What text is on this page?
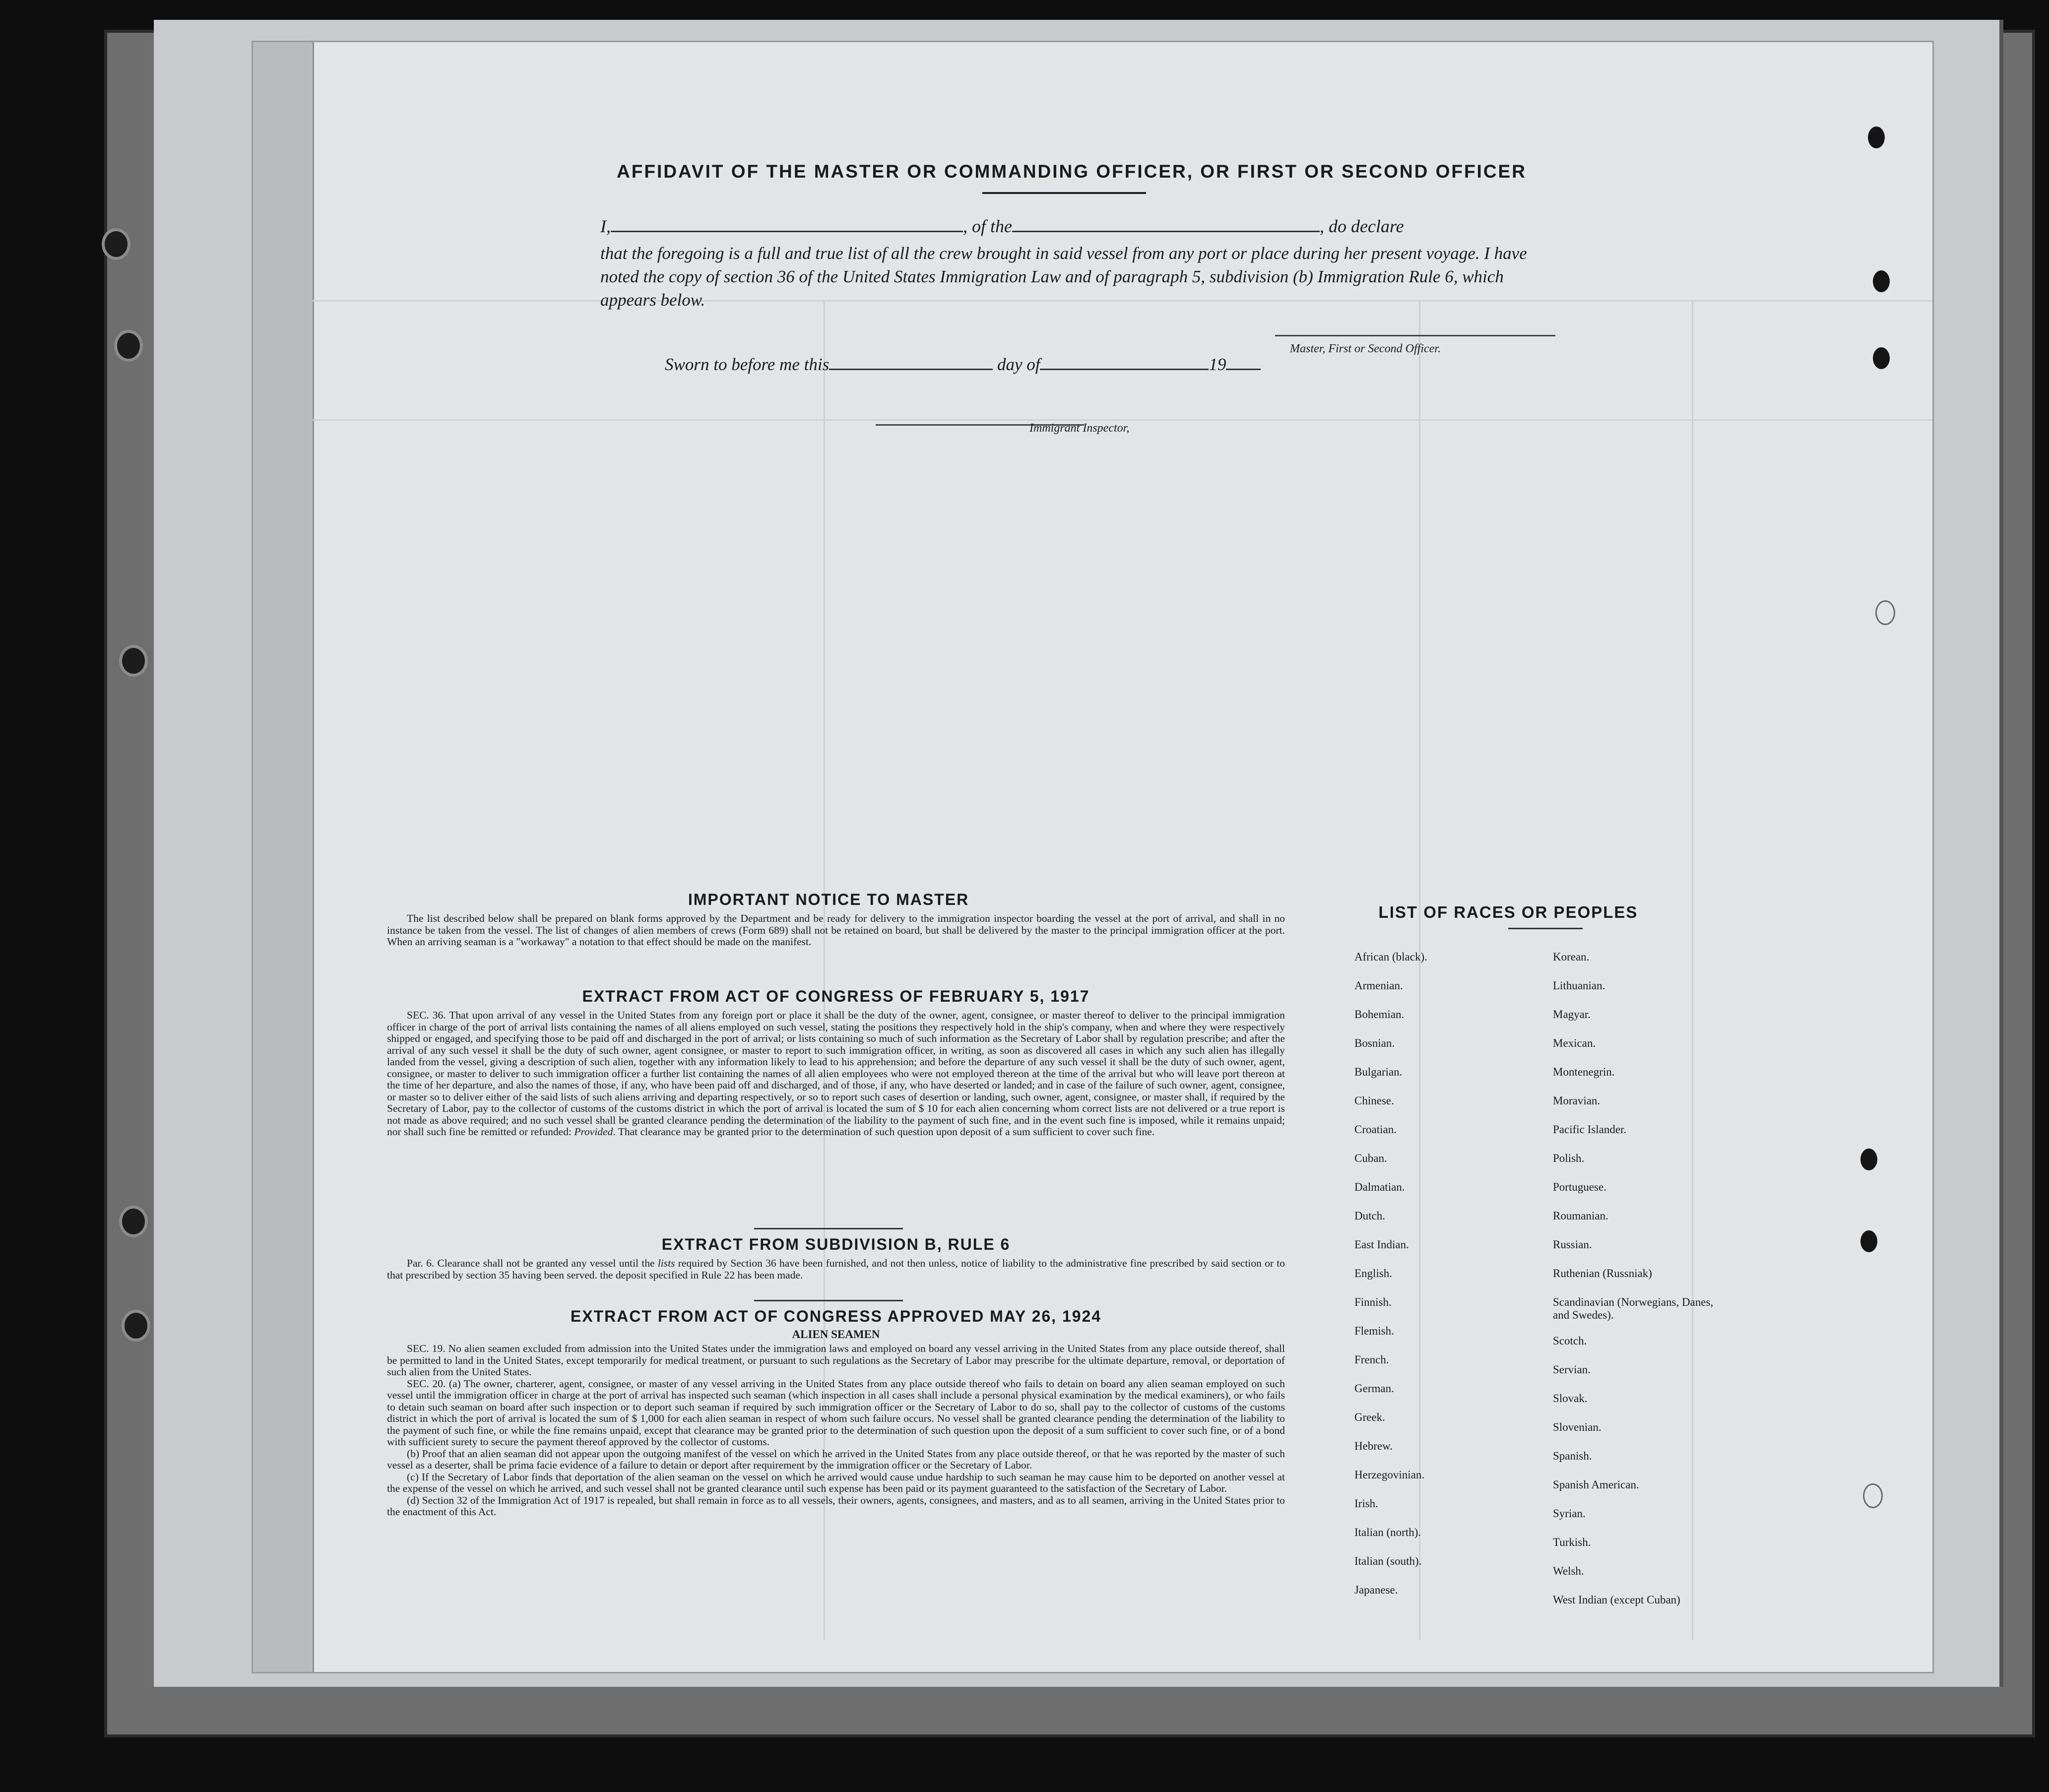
AFFIDAVIT OF THE MASTER OR COMMANDING OFFICER, OR FIRST OR SECOND OFFICER
I,	, of the	, do declare
that the foregoing is a full and true list of all the crew brought in said vessel from any port or place during her present voyage. I have noted the copy of section 36 of the United States Immigration Law and of paragraph 5, subdivision (b) Immigration Rule 6, which appears below.
Master, First or Second Officer.
Sworn to before me this	day of	19
Immigrant Inspector,
IMPORTANT NOTICE TO MASTER
The list described below shall be prepared on blank forms approved by the Department and be ready for delivery to the immigration inspector boarding the vessel at the port of arrival, and shall in no instance be taken from the vessel. The list of changes of alien members of crews (Form 689) shall not be retained on board, but shall be delivered by the master to the principal immigration officer at the port. When an arriving seaman is a "workaway" a notation to that effect should be made on the manifest.
EXTRACT FROM ACT OF CONGRESS OF FEBRUARY 5, 1917
SEC. 36. That upon arrival of any vessel in the United States from any foreign port or place it shall be the duty of the owner, agent, consignee, or master thereof to deliver to the principal immigration officer in charge of the port of arrival lists containing the names of all aliens employed on such vessel, stating the positions they respectively hold in the ship's company, when and where they were respectively shipped or engaged, and specifying those to be paid off and discharged in the port of arrival; or lists containing so much of such information as the Secretary of Labor shall by regulation prescribe; and after the arrival of any such vessel it shall be the duty of such owner, agent consignee, or master to report to such immigration officer, in writing, as soon as discovered all cases in which any such alien has illegally landed from the vessel, giving a description of such alien, together with any information likely to lead to his apprehension; and before the departure of any such vessel it shall be the duty of such owner, agent, consignee, or master to deliver to such immigration officer a further list containing the names of all alien employees who were not employed thereon at the time of the arrival but who will leave port thereon at the time of her departure, and also the names of those, if any, who have been paid off and discharged, and of those, if any, who have deserted or landed; and in case of the failure of such owner, agent, consignee, or master so to deliver either of the said lists of such aliens arriving and departing respectively, or so to report such cases of desertion or landing, such owner, agent, consignee, or master shall, if required by the Secretary of Labor, pay to the collector of customs of the customs district in which the port of arrival is located the sum of $ 10 for each alien concerning whom correct lists are not delivered or a true report is not made as above required; and no such vessel shall be granted clearance pending the determination of the liability to the payment of such fine, and in the event such fine is imposed, while it remains unpaid; nor shall such fine be remitted or refunded: Provided. That clearance may be granted prior to the determination of such question upon deposit of a sum sufficient to cover such fine.
EXTRACT FROM SUBDIVISION B, RULE 6
Par. 6. Clearance shall not be granted any vessel until the lists required by Section 36 have been furnished, and not then unless, notice of liability to the administrative fine prescribed by said section or to that prescribed by section 35 having been served. the deposit specified in Rule 22 has been made.
EXTRACT FROM ACT OF CONGRESS APPROVED MAY 26, 1924
ALIEN SEAMEN
SEC. 19. No alien seamen excluded from admission into the United States under the immigration laws and employed on board any vessel arriving in the United States from any place outside thereof, shall be permitted to land in the United States, except temporarily for medical treatment, or pursuant to such regulations as the Secretary of Labor may prescribe for the ultimate departure, removal, or deportation of such alien from the United States.
SEC. 20. (a) The owner, charterer, agent, consignee, or master of any vessel arriving in the United States from any place outside thereof who fails to detain on board any alien seaman employed on such vessel until the immigration officer in charge at the port of arrival has inspected such seaman (which inspection in all cases shall include a personal physical examination by the medical examiners), or who fails to detain such seaman on board after such inspection or to deport such seaman if required by such immigration officer or the Secretary of Labor to do so, shall pay to the collector of customs of the customs district in which the port of arrival is located the sum of $ 1,000 for each alien seaman in respect of whom such failure occurs. No vessel shall be granted clearance pending the determination of the liability to the payment of such fine, or while the fine remains unpaid, except that clearance may be granted prior to the determination of such question upon the deposit of a sum sufficient to cover such fine, or of a bond with sufficient surety to secure the payment thereof approved by the collector of customs.
(b) Proof that an alien seaman did not appear upon the outgoing manifest of the vessel on which he arrived in the United States from any place outside thereof, or that he was reported by the master of such vessel as a deserter, shall be prima facie evidence of a failure to detain or deport after requirement by the immigration officer or the Secretary of Labor.
(c) If the Secretary of Labor finds that deportation of the alien seaman on the vessel on which he arrived would cause undue hardship to such seaman he may cause him to be deported on another vessel at the expense of the vessel on which he arrived, and such vessel shall not be granted clearance until such expense has been paid or its payment guaranteed to the satisfaction of the Secretary of Labor.
(d) Section 32 of the Immigration Act of 1917 is repealed, but shall remain in force as to all vessels, their owners, agents, consignees, and masters, and as to all seamen, arriving in the United States prior to the enactment of this Act.
LIST OF RACES OR PEOPLES
African (black).
Armenian.
Bohemian.
Bosnian.
Bulgarian.
Chinese.
Croatian.
Cuban.
Dalmatian.
Dutch.
East Indian.
English.
Finnish.
Flemish.
French.
German.
Greek.
Hebrew.
Herzegovinian.
Irish.
Italian (north).
Italian (south).
Japanese.
Korean.
Lithuanian.
Magyar.
Mexican.
Montenegrin.
Moravian.
Pacific Islander.
Polish.
Portuguese.
Roumanian.
Russian.
Ruthenian (Russniak)
Scandinavian (Norwegians, Danes, and Swedes).
Scotch.
Servian.
Slovak.
Slovenian.
Spanish.
Spanish American.
Syrian.
Turkish.
Welsh.
West Indian (except Cuban)
